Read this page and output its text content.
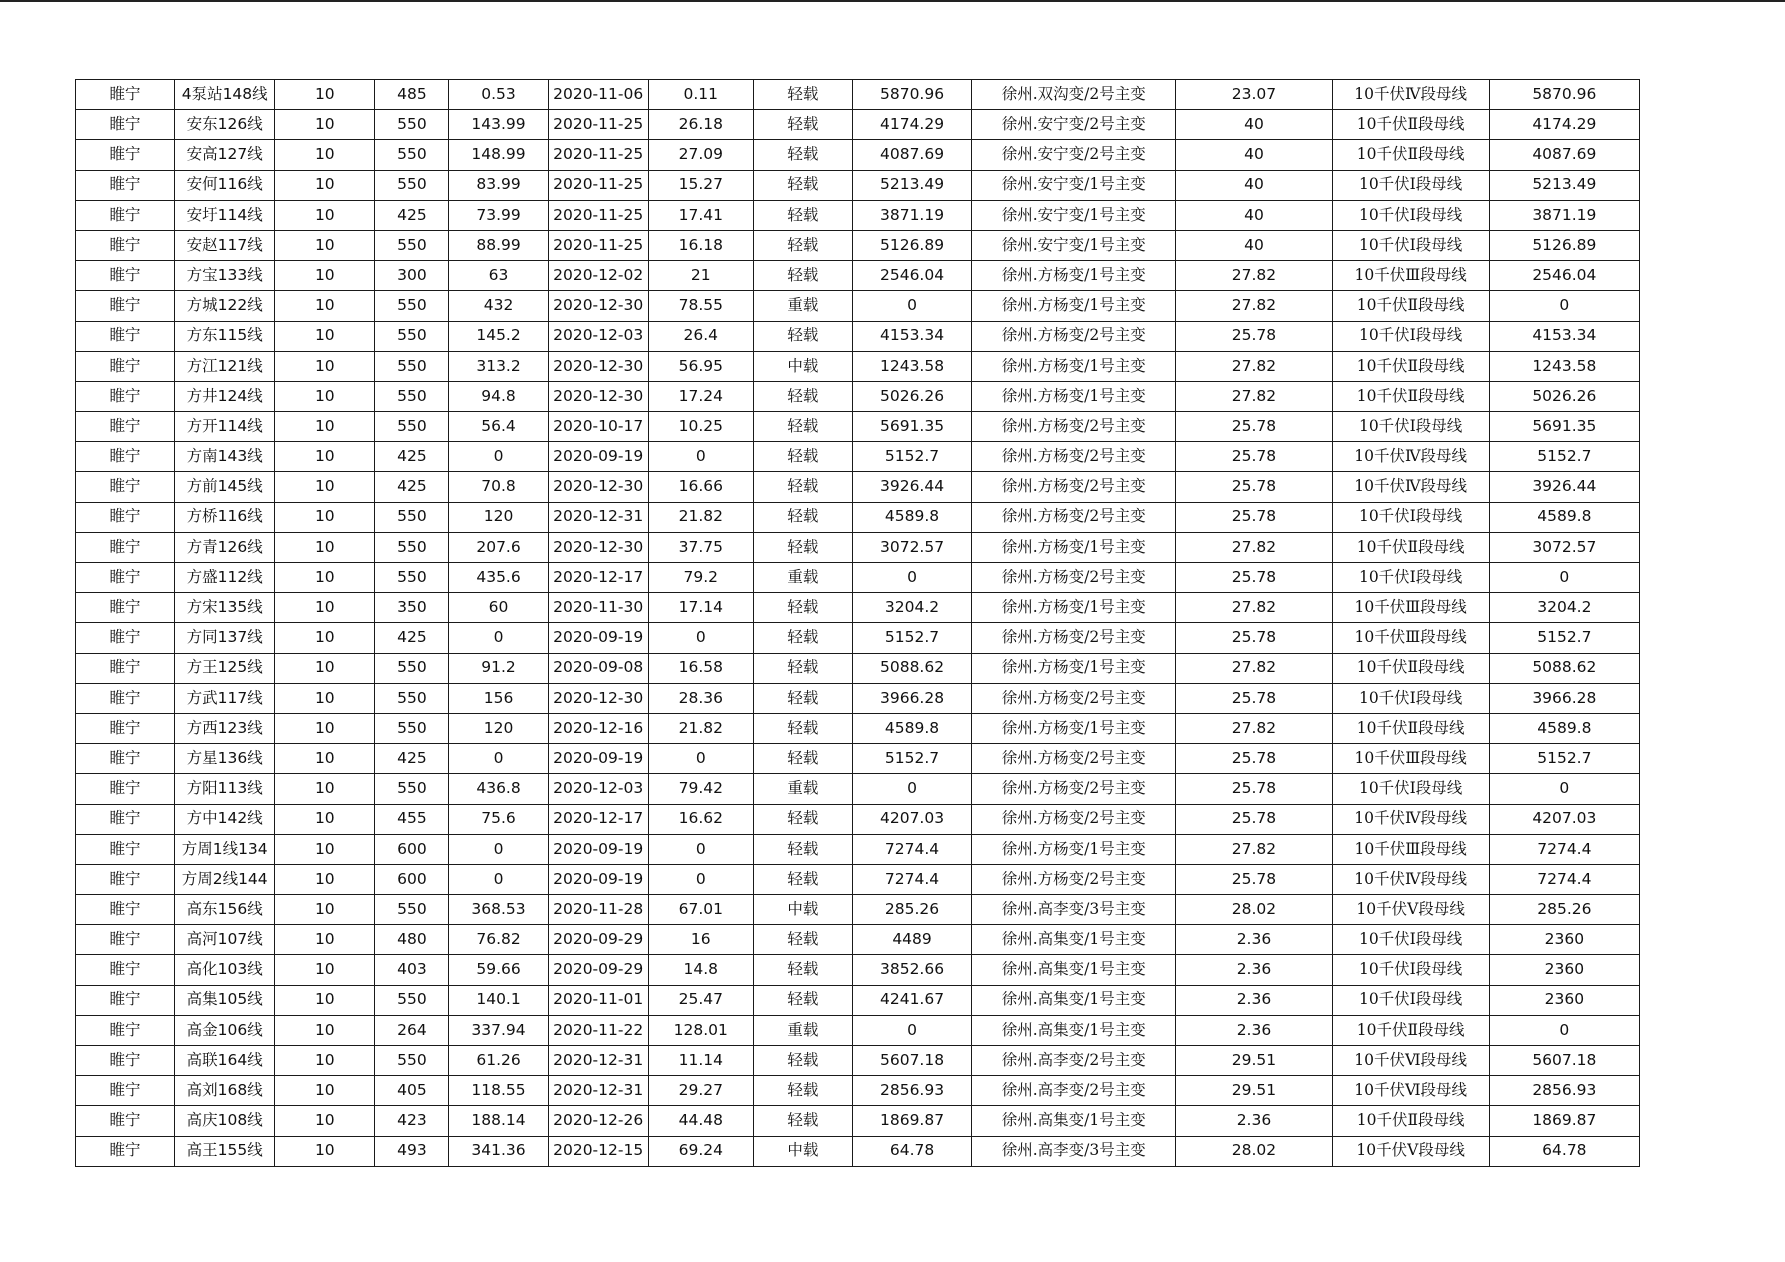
睢宁	4泵站148线	10	485	0.53	2020-11-06	0.11	轻载	5870.96	徐州.双沟变/2号主变	23.07	10千伏Ⅳ段母线	5870.96
睢宁	安东126线	10	550	143.99	2020-11-25	26.18	轻载	4174.29	徐州.安宁变/2号主变	40	10千伏Ⅱ段母线	4174.29
睢宁	安高127线	10	550	148.99	2020-11-25	27.09	轻载	4087.69	徐州.安宁变/2号主变	40	10千伏Ⅱ段母线	4087.69
睢宁	安何116线	10	550	83.99	2020-11-25	15.27	轻载	5213.49	徐州.安宁变/1号主变	40	10千伏Ⅰ段母线	5213.49
睢宁	安圩114线	10	425	73.99	2020-11-25	17.41	轻载	3871.19	徐州.安宁变/1号主变	40	10千伏Ⅰ段母线	3871.19
睢宁	安赵117线	10	550	88.99	2020-11-25	16.18	轻载	5126.89	徐州.安宁变/1号主变	40	10千伏Ⅰ段母线	5126.89
睢宁	方宝133线	10	300	63	2020-12-02	21	轻载	2546.04	徐州.方杨变/1号主变	27.82	10千伏Ⅲ段母线	2546.04
睢宁	方城122线	10	550	432	2020-12-30	78.55	重载	0	徐州.方杨变/1号主变	27.82	10千伏Ⅱ段母线	0
睢宁	方东115线	10	550	145.2	2020-12-03	26.4	轻载	4153.34	徐州.方杨变/2号主变	25.78	10千伏Ⅰ段母线	4153.34
睢宁	方江121线	10	550	313.2	2020-12-30	56.95	中载	1243.58	徐州.方杨变/1号主变	27.82	10千伏Ⅱ段母线	1243.58
睢宁	方井124线	10	550	94.8	2020-12-30	17.24	轻载	5026.26	徐州.方杨变/1号主变	27.82	10千伏Ⅱ段母线	5026.26
睢宁	方开114线	10	550	56.4	2020-10-17	10.25	轻载	5691.35	徐州.方杨变/2号主变	25.78	10千伏Ⅰ段母线	5691.35
睢宁	方南143线	10	425	0	2020-09-19	0	轻载	5152.7	徐州.方杨变/2号主变	25.78	10千伏Ⅳ段母线	5152.7
睢宁	方前145线	10	425	70.8	2020-12-30	16.66	轻载	3926.44	徐州.方杨变/2号主变	25.78	10千伏Ⅳ段母线	3926.44
睢宁	方桥116线	10	550	120	2020-12-31	21.82	轻载	4589.8	徐州.方杨变/2号主变	25.78	10千伏Ⅰ段母线	4589.8
睢宁	方青126线	10	550	207.6	2020-12-30	37.75	轻载	3072.57	徐州.方杨变/1号主变	27.82	10千伏Ⅱ段母线	3072.57
睢宁	方盛112线	10	550	435.6	2020-12-17	79.2	重载	0	徐州.方杨变/2号主变	25.78	10千伏Ⅰ段母线	0
睢宁	方宋135线	10	350	60	2020-11-30	17.14	轻载	3204.2	徐州.方杨变/1号主变	27.82	10千伏Ⅲ段母线	3204.2
睢宁	方同137线	10	425	0	2020-09-19	0	轻载	5152.7	徐州.方杨变/2号主变	25.78	10千伏Ⅲ段母线	5152.7
睢宁	方王125线	10	550	91.2	2020-09-08	16.58	轻载	5088.62	徐州.方杨变/1号主变	27.82	10千伏Ⅱ段母线	5088.62
睢宁	方武117线	10	550	156	2020-12-30	28.36	轻载	3966.28	徐州.方杨变/2号主变	25.78	10千伏Ⅰ段母线	3966.28
睢宁	方西123线	10	550	120	2020-12-16	21.82	轻载	4589.8	徐州.方杨变/1号主变	27.82	10千伏Ⅱ段母线	4589.8
睢宁	方星136线	10	425	0	2020-09-19	0	轻载	5152.7	徐州.方杨变/2号主变	25.78	10千伏Ⅲ段母线	5152.7
睢宁	方阳113线	10	550	436.8	2020-12-03	79.42	重载	0	徐州.方杨变/2号主变	25.78	10千伏Ⅰ段母线	0
睢宁	方中142线	10	455	75.6	2020-12-17	16.62	轻载	4207.03	徐州.方杨变/2号主变	25.78	10千伏Ⅳ段母线	4207.03
睢宁	方周1线134	10	600	0	2020-09-19	0	轻载	7274.4	徐州.方杨变/1号主变	27.82	10千伏Ⅲ段母线	7274.4
睢宁	方周2线144	10	600	0	2020-09-19	0	轻载	7274.4	徐州.方杨变/2号主变	25.78	10千伏Ⅳ段母线	7274.4
睢宁	高东156线	10	550	368.53	2020-11-28	67.01	中载	285.26	徐州.高李变/3号主变	28.02	10千伏Ⅴ段母线	285.26
睢宁	高河107线	10	480	76.82	2020-09-29	16	轻载	4489	徐州.高集变/1号主变	2.36	10千伏Ⅰ段母线	2360
睢宁	高化103线	10	403	59.66	2020-09-29	14.8	轻载	3852.66	徐州.高集变/1号主变	2.36	10千伏Ⅰ段母线	2360
睢宁	高集105线	10	550	140.1	2020-11-01	25.47	轻载	4241.67	徐州.高集变/1号主变	2.36	10千伏Ⅰ段母线	2360
睢宁	高金106线	10	264	337.94	2020-11-22	128.01	重载	0	徐州.高集变/1号主变	2.36	10千伏Ⅱ段母线	0
睢宁	高联164线	10	550	61.26	2020-12-31	11.14	轻载	5607.18	徐州.高李变/2号主变	29.51	10千伏Ⅵ段母线	5607.18
睢宁	高刘168线	10	405	118.55	2020-12-31	29.27	轻载	2856.93	徐州.高李变/2号主变	29.51	10千伏Ⅵ段母线	2856.93
睢宁	高庆108线	10	423	188.14	2020-12-26	44.48	轻载	1869.87	徐州.高集变/1号主变	2.36	10千伏Ⅱ段母线	1869.87
睢宁	高王155线	10	493	341.36	2020-12-15	69.24	中载	64.78	徐州.高李变/3号主变	28.02	10千伏Ⅴ段母线	64.78
